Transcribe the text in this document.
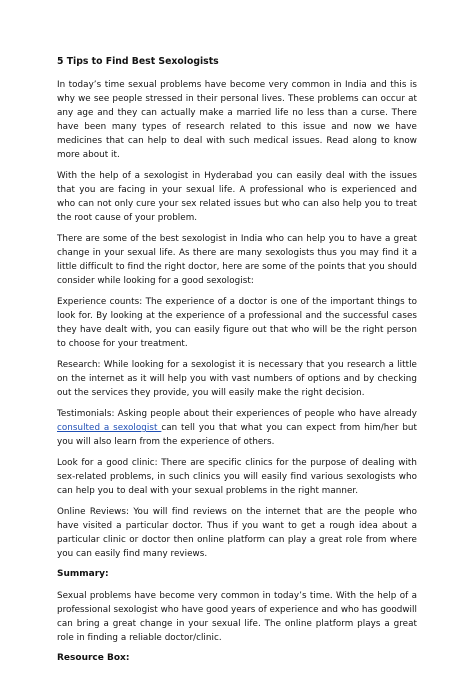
5 Tips to Find Best Sexologists

In today’s time sexual problems have become very common in India and this is why we see people stressed in their personal lives. These problems can occur at any age and they can actually make a married life no less than a curse. There have been many types of research related to this issue and now we have medicines that can help to deal with such medical issues. Read along to know more about it.

With the help of a sexologist in Hyderabad you can easily deal with the issues that you are facing in your sexual life. A professional who is experienced and who can not only cure your sex related issues but who can also help you to treat the root cause of your problem.

There are some of the best sexologist in India who can help you to have a great change in your sexual life. As there are many sexologists thus you may find it a little difficult to find the right doctor, here are some of the points that you should consider while looking for a good sexologist:

Experience counts: The experience of a doctor is one of the important things to look for. By looking at the experience of a professional and the successful cases they have dealt with, you can easily figure out that who will be the right person to choose for your treatment.

Research: While looking for a sexologist it is necessary that you research a little on the internet as it will help you with vast numbers of options and by checking out the services they provide, you will easily make the right decision.

Testimonials: Asking people about their experiences of people who have already consulted a sexologist can tell you that what you can expect from him/her but you will also learn from the experience of others.

Look for a good clinic: There are specific clinics for the purpose of dealing with sex-related problems, in such clinics you will easily find various sexologists who can help you to deal with your sexual problems in the right manner.

Online Reviews: You will find reviews on the internet that are the people who have visited a particular doctor. Thus if you want to get a rough idea about a particular clinic or doctor then online platform can play a great role from where you can easily find many reviews.

Summary:

Sexual problems have become very common in today’s time. With the help of a professional sexologist who have good years of experience and who has goodwill can bring a great change in your sexual life. The online platform plays a great role in finding a reliable doctor/clinic.

Resource Box:
